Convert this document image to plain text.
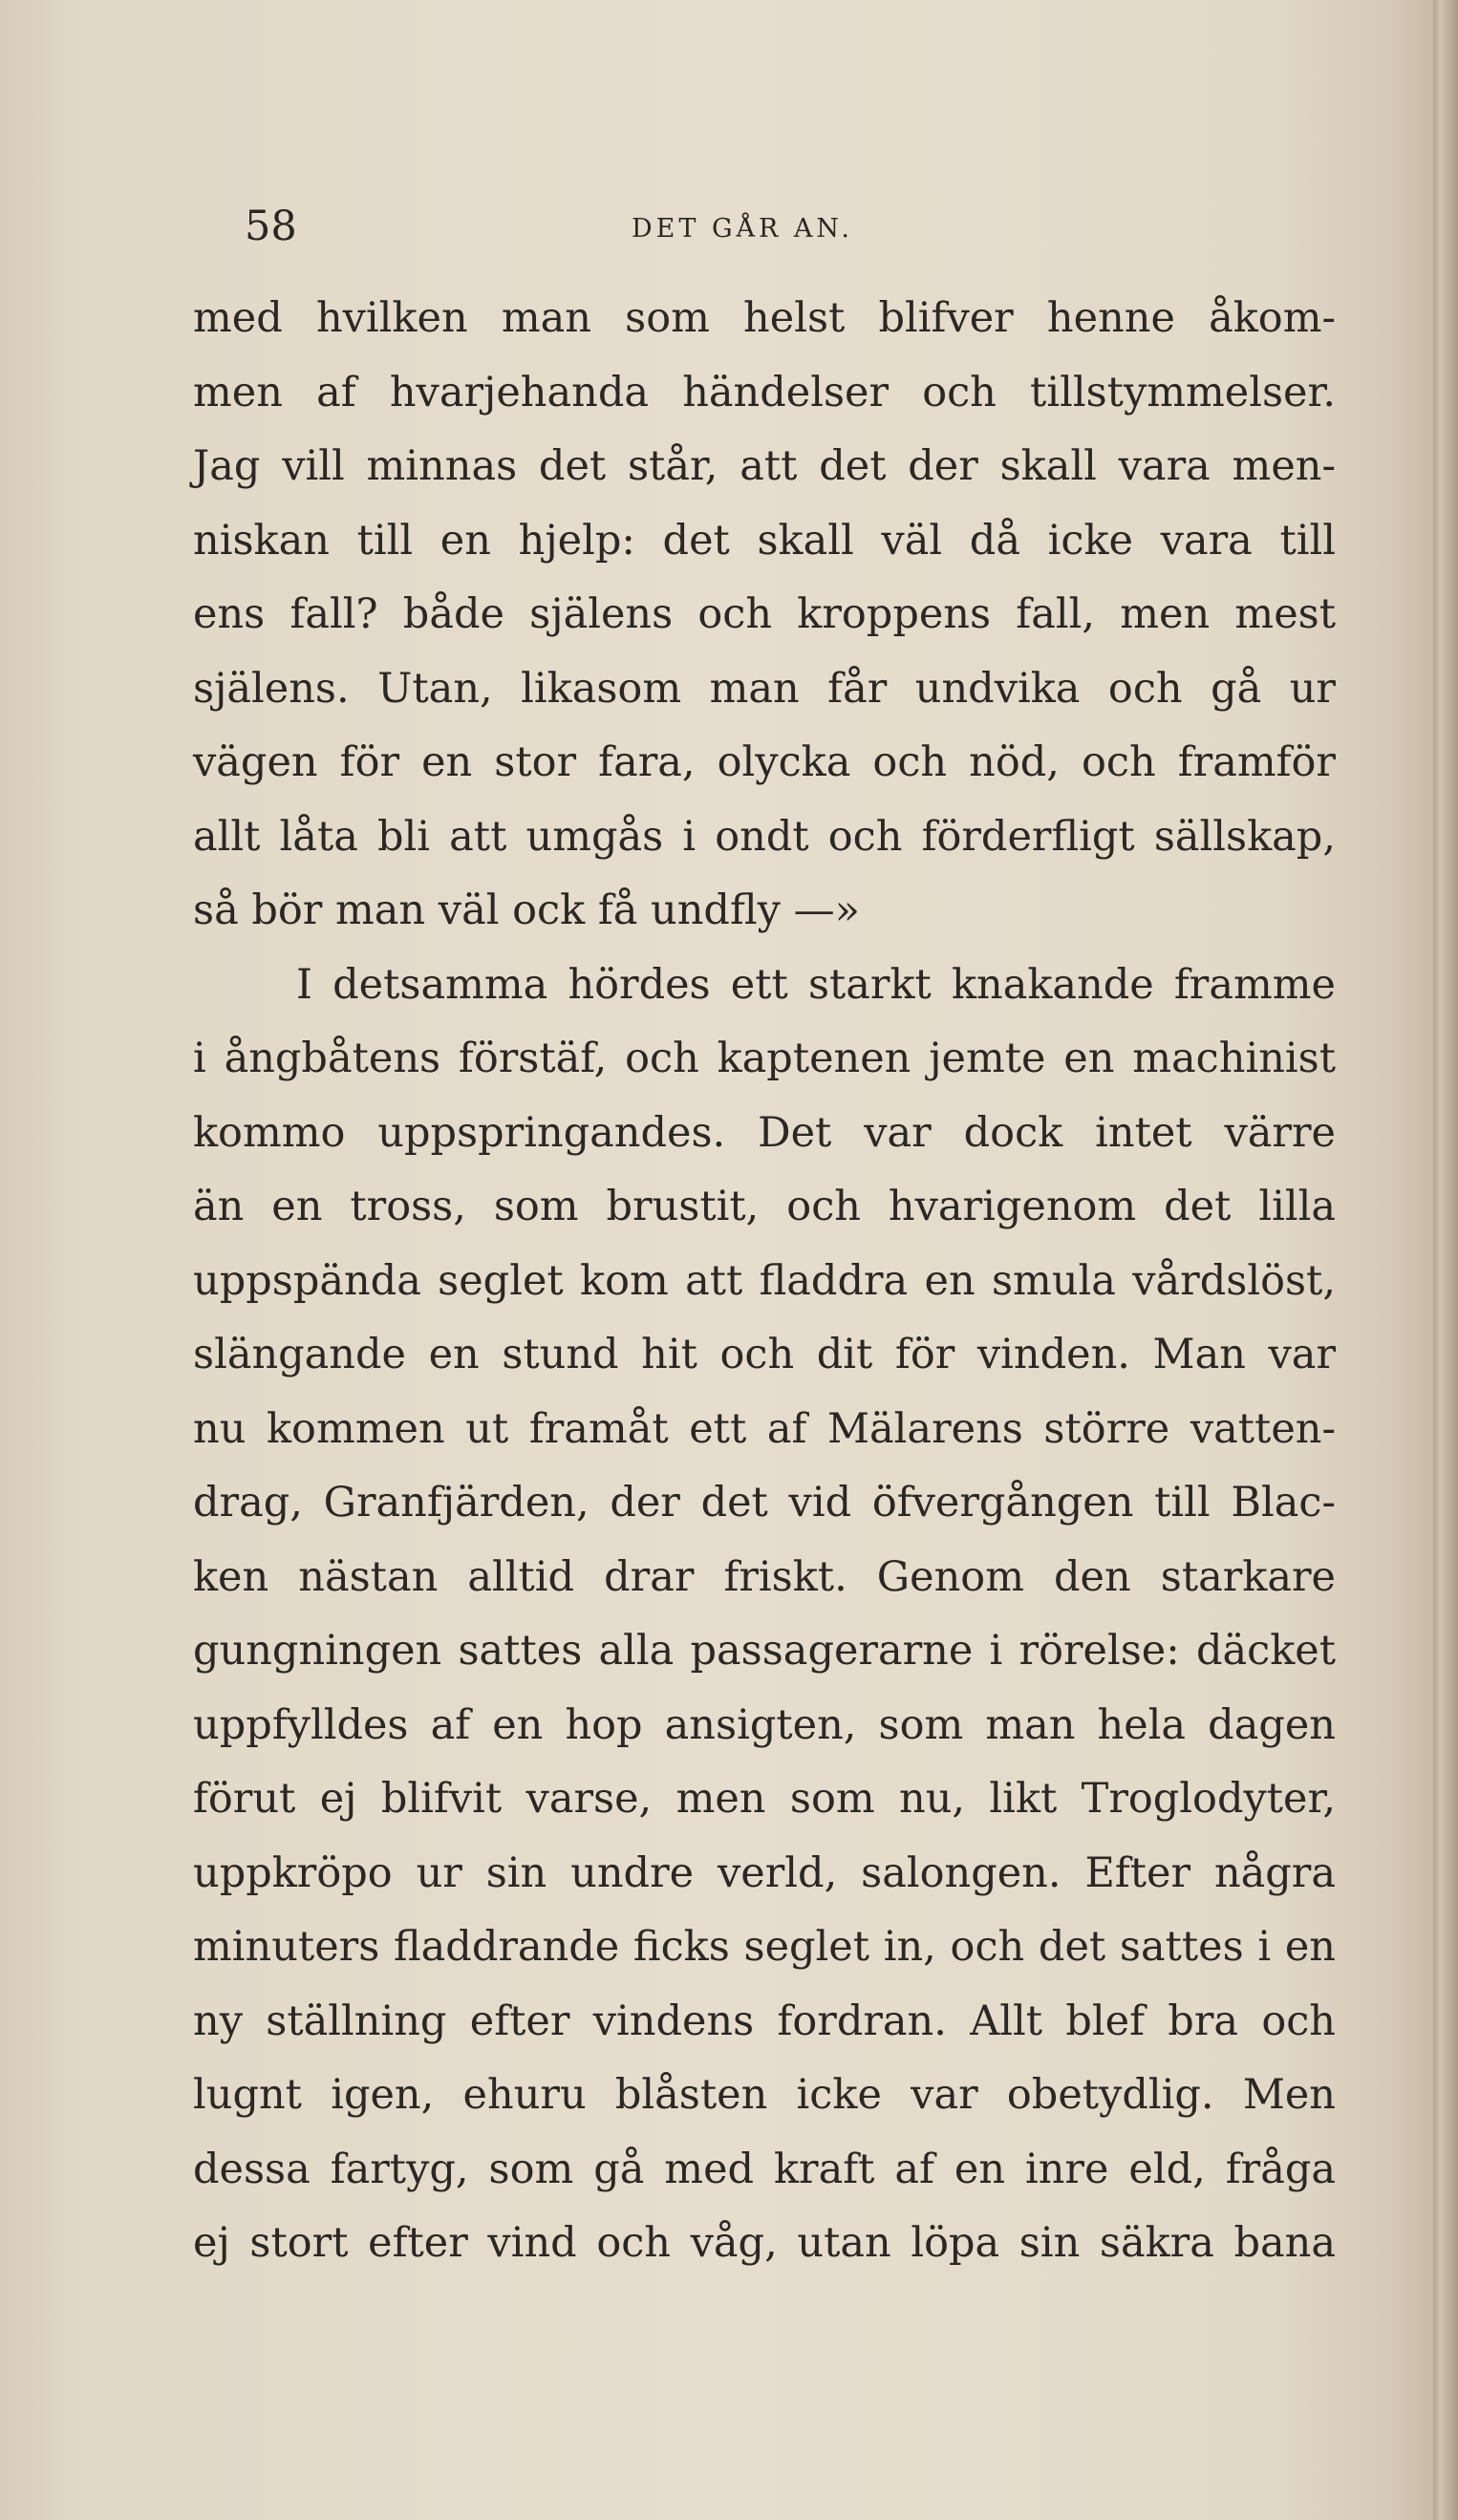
58	DET GÅR AN.
med hvilken man som helst blifver henne åkom-
men af hvarjehanda händelser och tillstymmelser.
Jag vill minnas det står, att det der skall vara men-
niskan till en hjelp: det skall väl då icke vara till
ens fall? både själens och kroppens fall, men mest
själens. Utan, likasom man får undvika och gå ur
vägen för en stor fara, olycka och nöd, och framför
allt låta bli att umgås i ondt och förderfligt sällskap,
så bör man väl ock få undfly —»
I detsamma hördes ett starkt knakande framme
i ångbåtens förstäf, och kaptenen jemte en machinist
kommo uppspringandes. Det var dock intet värre
än en tross, som brustit, och hvarigenom det lilla
uppspända seglet kom att fladdra en smula vårdslöst,
slängande en stund hit och dit för vinden. Man var
nu kommen ut framåt ett af Mälarens större vatten-
drag, Granfjärden, der det vid öfvergången till Blac-
ken nästan alltid drar friskt. Genom den starkare
gungningen sattes alla passagerarne i rörelse: däcket
uppfylldes af en hop ansigten, som man hela dagen
förut ej blifvit varse, men som nu, likt Troglodyter,
uppkröpo ur sin undre verld, salongen. Efter några
minuters fladdrande ficks seglet in, och det sattes i en
ny ställning efter vindens fordran. Allt blef bra och
lugnt igen, ehuru blåsten icke var obetydlig. Men
dessa fartyg, som gå med kraft af en inre eld, fråga
ej stort efter vind och våg, utan löpa sin säkra bana
